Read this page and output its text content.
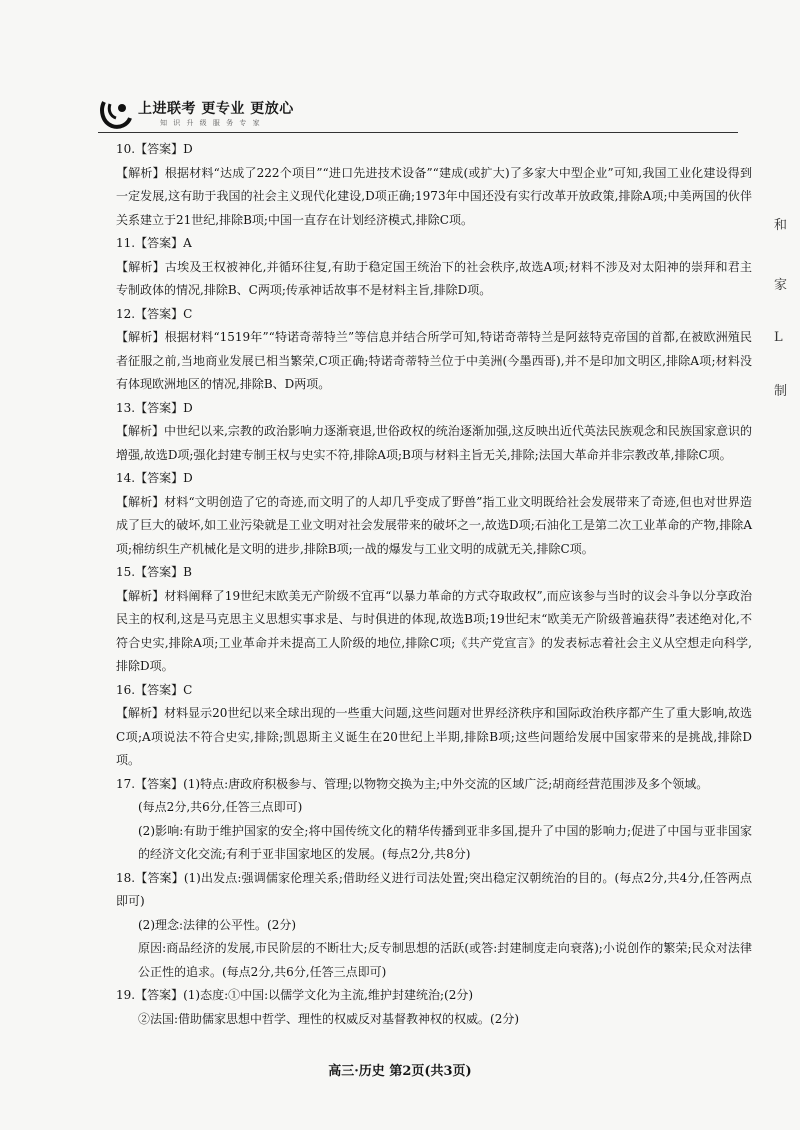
上进联考 更专业 更放心
知 识 升 级 服 务 专 家

10.【答案】D

【解析】根据材料“达成了222个项目”“进口先进技术设备”“建成(或扩大)了多家大中型企业”可知,我国工业化建设得到一定发展,这有助于我国的社会主义现代化建设,D项正确;1973年中国还没有实行改革开放政策,排除A项;中美两国的伙伴关系建立于21世纪,排除B项;中国一直存在计划经济模式,排除C项。

11.【答案】A

【解析】古埃及王权被神化,并循环往复,有助于稳定国王统治下的社会秩序,故选A项;材料不涉及对太阳神的崇拜和君主专制政体的情况,排除B、C两项;传承神话故事不是材料主旨,排除D项。

12.【答案】C

【解析】根据材料“1519年”“特诺奇蒂特兰”等信息并结合所学可知,特诺奇蒂特兰是阿兹特克帝国的首都,在被欧洲殖民者征服之前,当地商业发展已相当繁荣,C项正确;特诺奇蒂特兰位于中美洲(今墨西哥),并不是印加文明区,排除A项;材料没有体现欧洲地区的情况,排除B、D两项。

13.【答案】D

【解析】中世纪以来,宗教的政治影响力逐渐衰退,世俗政权的统治逐渐加强,这反映出近代英法民族观念和民族国家意识的增强,故选D项;强化封建专制王权与史实不符,排除A项;B项与材料主旨无关,排除;法国大革命并非宗教改革,排除C项。

14.【答案】D

【解析】材料“文明创造了它的奇迹,而文明了的人却几乎变成了野兽”指工业文明既给社会发展带来了奇迹,但也对世界造成了巨大的破坏,如工业污染就是工业文明对社会发展带来的破坏之一,故选D项;石油化工是第二次工业革命的产物,排除A项;棉纺织生产机械化是文明的进步,排除B项;一战的爆发与工业文明的成就无关,排除C项。

15.【答案】B

【解析】材料阐释了19世纪末欧美无产阶级不宜再“以暴力革命的方式夺取政权”,而应该参与当时的议会斗争以分享政治民主的权利,这是马克思主义思想实事求是、与时俱进的体现,故选B项;19世纪末“欧美无产阶级普遍获得”表述绝对化,不符合史实,排除A项;工业革命并未提高工人阶级的地位,排除C项;《共产党宣言》的发表标志着社会主义从空想走向科学,排除D项。

16.【答案】C

【解析】材料显示20世纪以来全球出现的一些重大问题,这些问题对世界经济秩序和国际政治秩序都产生了重大影响,故选C项;A项说法不符合史实,排除;凯恩斯主义诞生在20世纪上半期,排除B项;这些问题给发展中国家带来的是挑战,排除D项。

17.【答案】(1)特点:唐政府积极参与、管理;以物物交换为主;中外交流的区域广泛;胡商经营范围涉及多个领域。

(每点2分,共6分,任答三点即可)

(2)影响:有助于维护国家的安全;将中国传统文化的精华传播到亚非多国,提升了中国的影响力;促进了中国与亚非国家的经济文化交流;有利于亚非国家地区的发展。(每点2分,共8分)

18.【答案】(1)出发点:强调儒家伦理关系;借助经义进行司法处置;突出稳定汉朝统治的目的。(每点2分,共4分,任答两点即可)

(2)理念:法律的公平性。(2分)

原因:商品经济的发展,市民阶层的不断壮大;反专制思想的活跃(或答:封建制度走向衰落);小说创作的繁荣;民众对法律公正性的追求。(每点2分,共6分,任答三点即可)

19.【答案】(1)态度:①中国:以儒学文化为主流,维护封建统治;(2分)

②法国:借助儒家思想中哲学、理性的权威反对基督教神权的权威。(2分)

和
家
L
制
高三·历史 第2页(共3页)
